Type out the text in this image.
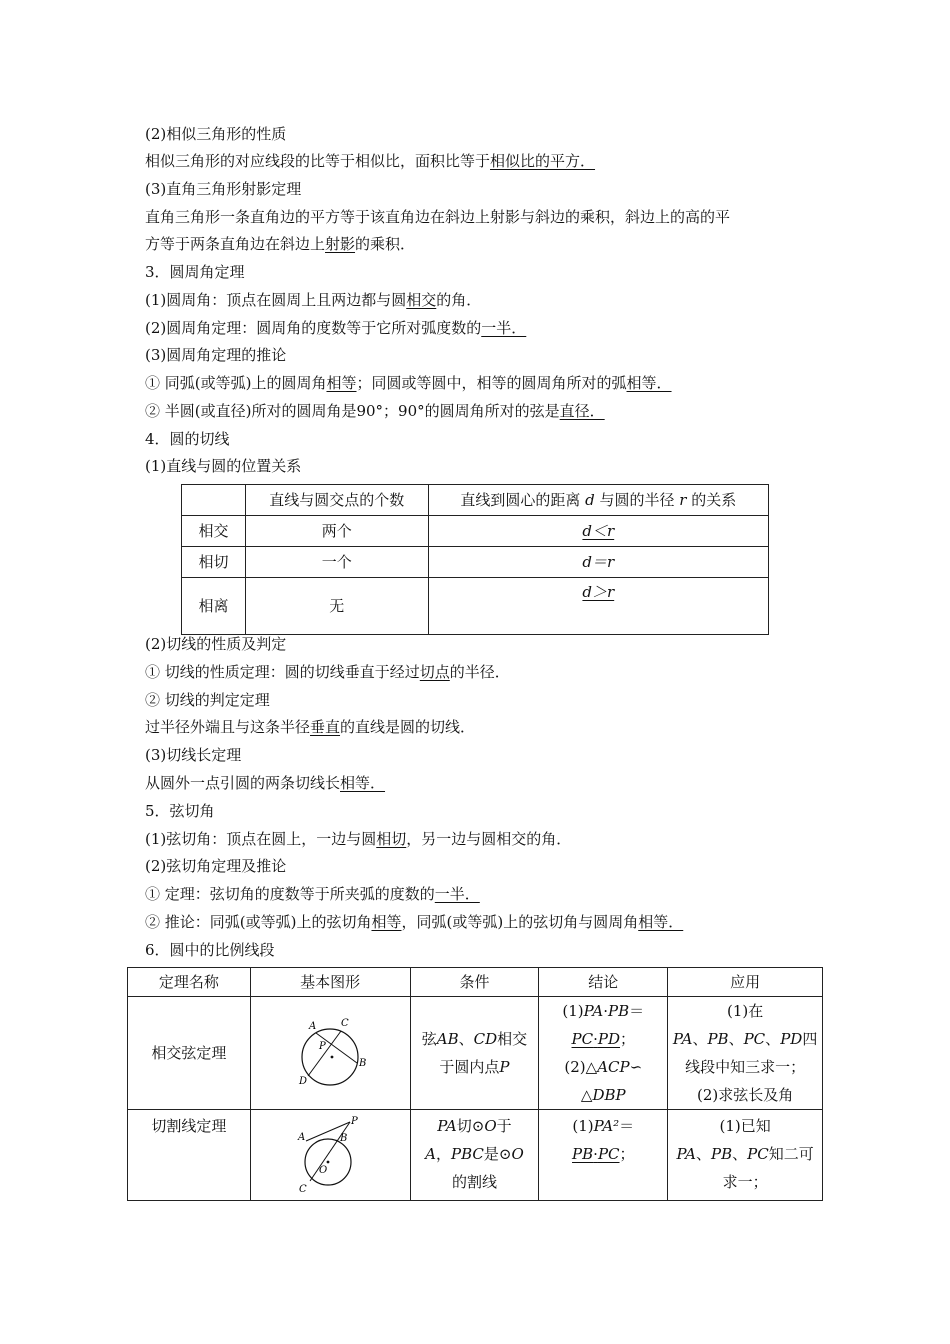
(2)相似三角形的性质
相似三角形的对应线段的比等于相似比，面积比等于相似比的平方．
(3)直角三角形射影定理
直角三角形一条直角边的平方等于该直角边在斜边上射影与斜边的乘积，斜边上的高的平
方等于两条直角边在斜边上射影的乘积．
3．圆周角定理
(1)圆周角：顶点在圆周上且两边都与圆相交的角．
(2)圆周角定理：圆周角的度数等于它所对弧度数的一半．
(3)圆周角定理的推论
① 同弧(或等弧)上的圆周角相等；同圆或等圆中，相等的圆周角所对的弧相等．
② 半圆(或直径)所对的圆周角是90°；90°的圆周角所对的弦是直径．
4．圆的切线
(1)直线与圆的位置关系
	直线与圆交点的个数	直线到圆心的距离 d 与圆的半径 r 的关系
相交	两个	d＜r
相切	一个	d＝r
相离	无	d＞r
(2)切线的性质及判定
① 切线的性质定理：圆的切线垂直于经过切点的半径．
② 切线的判定定理
过半径外端且与这条半径垂直的直线是圆的切线．
(3)切线长定理
从圆外一点引圆的两条切线长相等．
5．弦切角
(1)弦切角：顶点在圆上，一边与圆相切，另一边与圆相交的角．
(2)弦切角定理及推论
① 定理：弦切角的度数等于所夹弧的度数的一半．
② 推论：同弧(或等弧)上的弦切角相等，同弧(或等弧)上的弦切角与圆周角相等．
6．圆中的比例线段
定理名称	基本图形	条件	结论	应用
相交弦定理	A C
P
B
D	弦AB、CD相交
于圆内点P	(1)PA·PB＝
PC·PD；
(2)△ACP∽
△DBP	(1)在
PA、PB、PC、PD四
线段中知三求一；
(2)求弦长及角
切割线定理	P
A B
O
C	PA切⊙O于
A，PBC是⊙O
的割线	(1)PA²＝
PB·PC；	(1)已知
PA、PB、PC知二可
求一；
